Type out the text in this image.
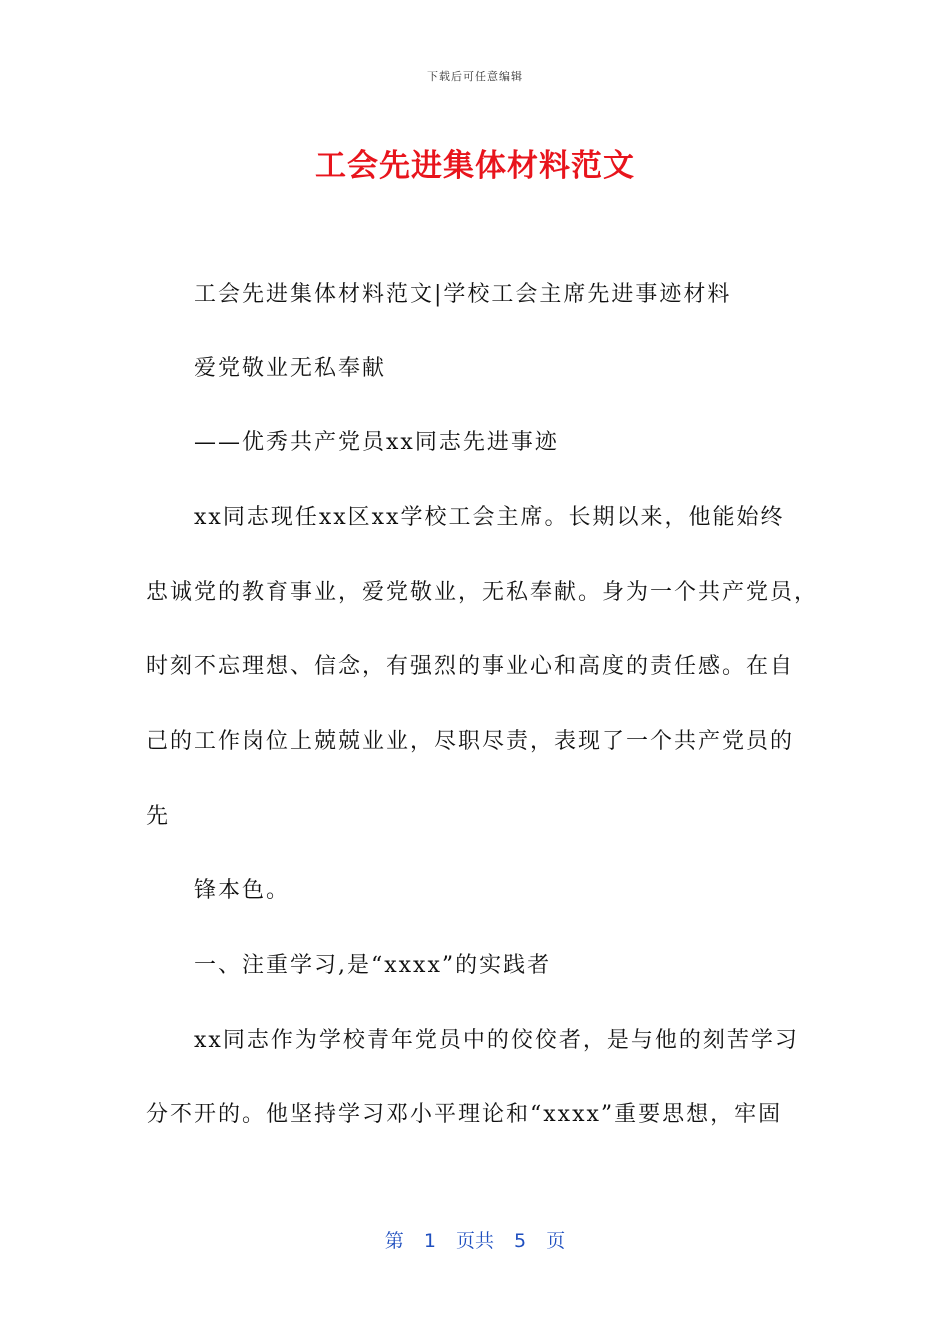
下载后可任意编辑
工会先进集体材料范文
工会先进集体材料范文|学校工会主席先进事迹材料
爱党敬业无私奉献
——优秀共产党员xx同志先进事迹
xx同志现任xx区xx学校工会主席。长期以来，他能始终
忠诚党的教育事业，爱党敬业，无私奉献。身为一个共产党员，
时刻不忘理想、信念，有强烈的事业心和高度的责任感。在自
己的工作岗位上兢兢业业，尽职尽责，表现了一个共产党员的
先
锋本色。
一、注重学习,是“xxxx”的实践者
xx同志作为学校青年党员中的佼佼者，是与他的刻苦学习
分不开的。他坚持学习邓小平理论和“xxxx”重要思想，牢固
第 1 页共 5 页
